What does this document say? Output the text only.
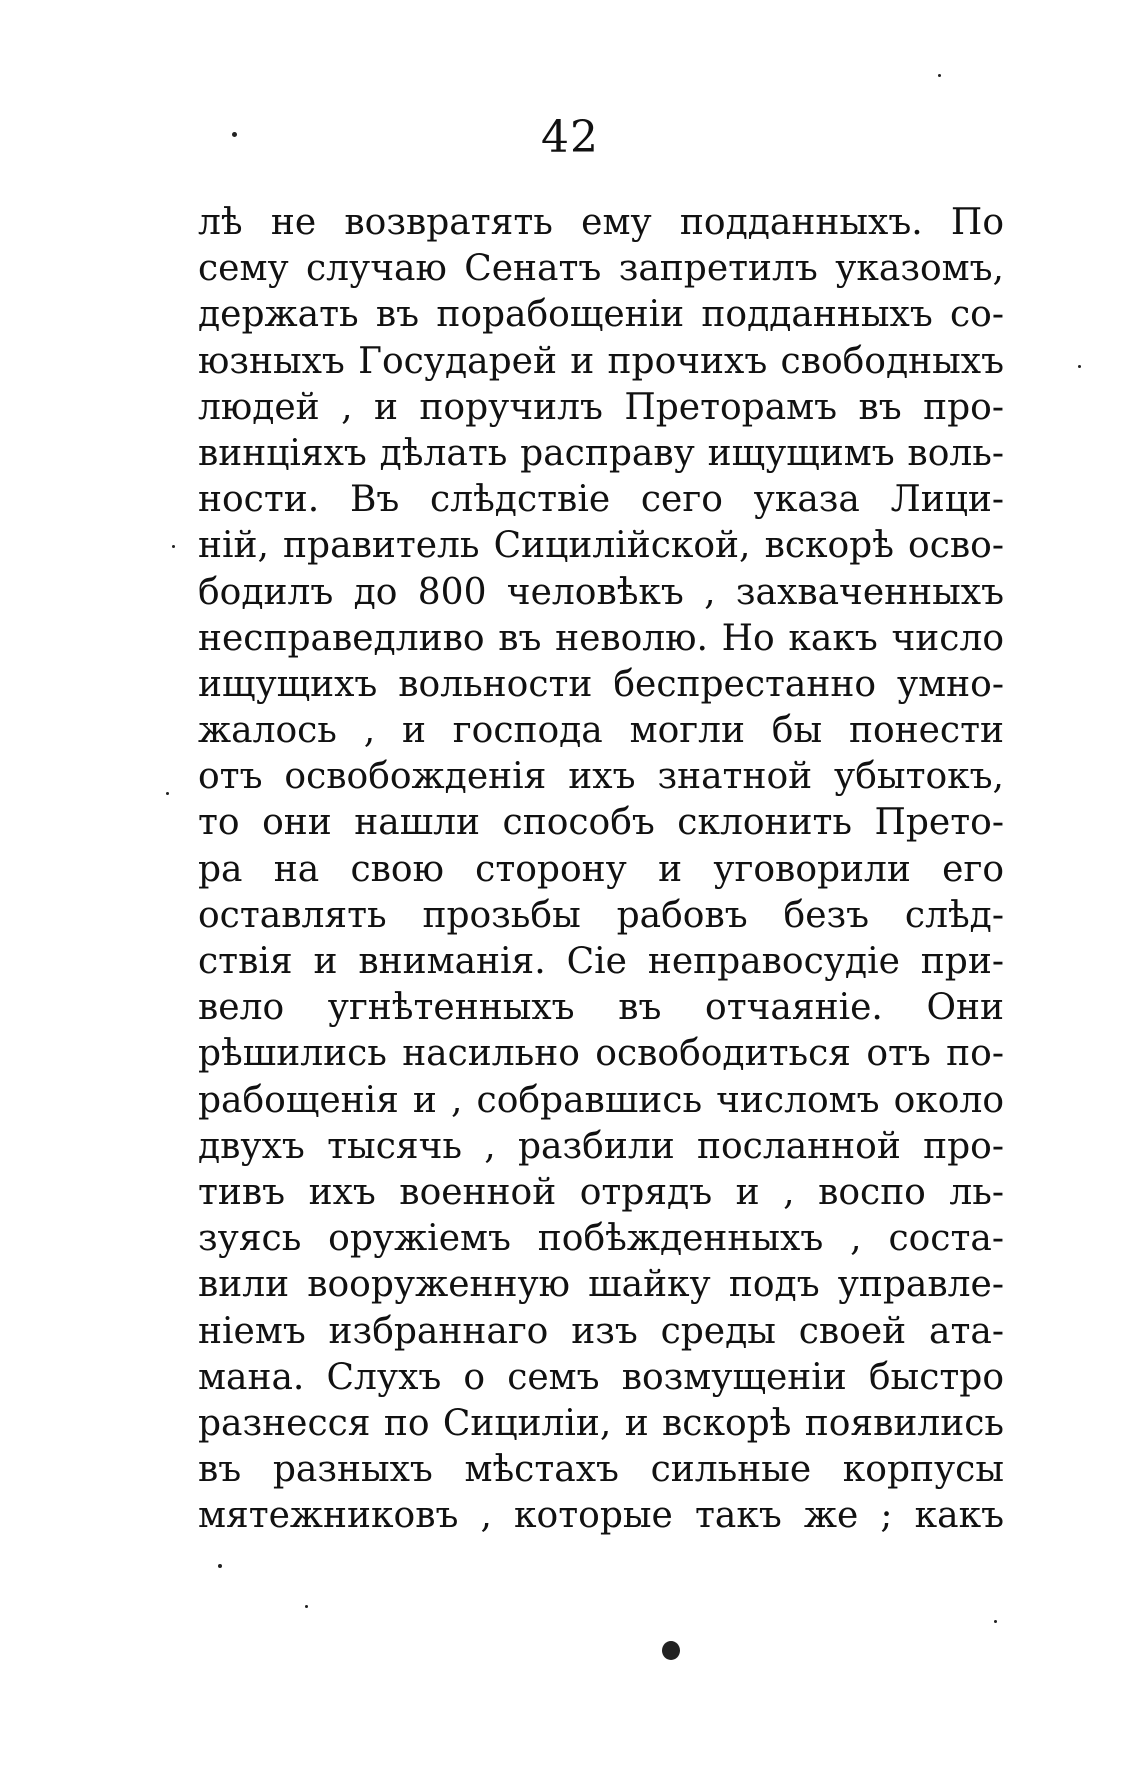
42
лѣ не возвратять ему подданныхъ. По
сему случаю Сенатъ запретилъ указомъ,
держать въ порабощеніи подданныхъ со-
юзныхъ Государей и прочихъ свободныхъ
людей , и поручилъ Преторамъ въ про-
винціяхъ дѣлать расправу ищущимъ воль-
ности. Въ слѣдствіе сего указа Лици-
ній, правитель Сицилійской, вскорѣ осво-
бодилъ до 800 человѣкъ , захваченныхъ
несправедливо въ неволю. Но какъ число
ищущихъ вольности беспрестанно умно-
жалось , и господа могли бы понести
отъ освобожденія ихъ знатной убытокъ,
то они нашли способъ склонить Прето-
ра на свою сторону и уговорили его
оставлять прозьбы рабовъ безъ слѣд-
ствія и вниманія. Сіе неправосудіе при-
вело угнѣтенныхъ въ отчаяніе. Они
рѣшились насильно освободиться отъ по-
рабощенія и , собравшись числомъ около
двухъ тысячь , разбили посланной про-
тивъ ихъ военной отрядъ и , воспо ль-
зуясь оружіемъ побѣжденныхъ , состa-
вили вооруженную шайку подъ управле-
ніемъ избраннаго изъ среды своей ата-
мана. Слухъ о семъ возмущеніи быстро
разнесся по Сициліи, и вскорѣ появились
въ разныхъ мѣстахъ сильные корпусы
мятежниковъ , которые такъ же ; какъ
